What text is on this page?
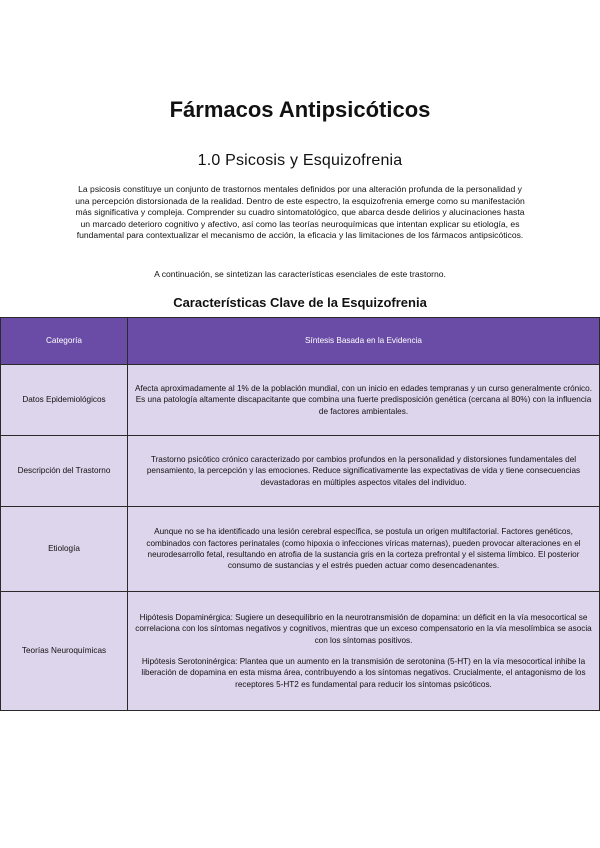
Fármacos Antipsicóticos
1.0 Psicosis y Esquizofrenia

La psicosis constituye un conjunto de trastornos mentales definidos por una alteración profunda de la personalidad y una percepción distorsionada de la realidad. Dentro de este espectro, la esquizofrenia emerge como su manifestación más significativa y compleja. Comprender su cuadro sintomatológico, que abarca desde delirios y alucinaciones hasta un marcado deterioro cognitivo y afectivo, así como las teorías neuroquímicas que intentan explicar su etiología, es fundamental para contextualizar el mecanismo de acción, la eficacia y las limitaciones de los fármacos antipsicóticos.

A continuación, se sintetizan las características esenciales de este trastorno.

Características Clave de la Esquizofrenia
Categoría	Síntesis Basada en la Evidencia
Datos Epidemiológicos	Afecta aproximadamente al 1% de la población mundial, con un inicio en edades tempranas y un curso generalmente crónico. Es una patología altamente discapacitante que combina una fuerte predisposición genética (cercana al 80%) con la influencia de factores ambientales.

Descripción del Trastorno	Trastorno psicótico crónico caracterizado por cambios profundos en la personalidad y distorsiones fundamentales del pensamiento, la percepción y las emociones. Reduce significativamente las expectativas de vida y tiene consecuencias devastadoras en múltiples aspectos vitales del individuo.

Etiología	Aunque no se ha identificado una lesión cerebral específica, se postula un origen multifactorial. Factores genéticos, combinados con factores perinatales (como hipoxia o infecciones víricas maternas), pueden provocar alteraciones en el neurodesarrollo fetal, resultando en atrofia de la sustancia gris en la corteza prefrontal y el sistema límbico. El posterior consumo de sustancias y el estrés pueden actuar como desencadenantes.

Teorías Neuroquímicas	Hipótesis Dopaminérgica: Sugiere un desequilibrio en la neurotransmisión de dopamina: un déficit en la vía mesocortical se correlaciona con los síntomas negativos y cognitivos, mientras que un exceso compensatorio en la vía mesolímbica se asocia con los síntomas positivos.
Hipótesis Serotoninérgica: Plantea que un aumento en la transmisión de serotonina (5-HT) en la vía mesocortical inhibe la liberación de dopamina en esta misma área, contribuyendo a los síntomas negativos. Crucialmente, el antagonismo de los receptores 5-HT2 es fundamental para reducir los síntomas psicóticos.
